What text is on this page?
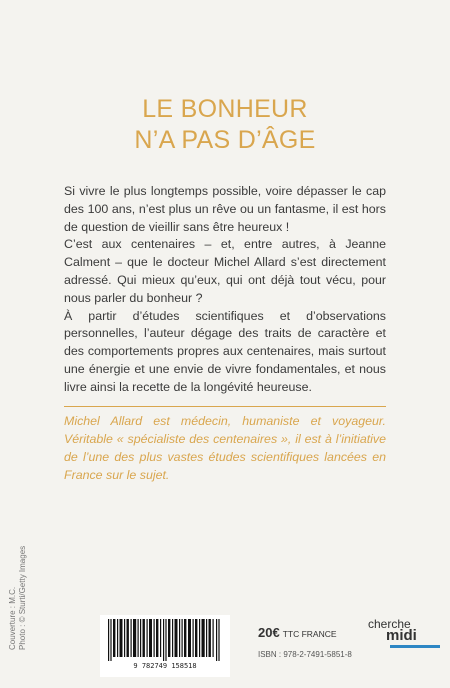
LE BONHEUR
N’A PAS D’ÂGE

Si vivre le plus longtemps possible, voire dépasser le cap des 100 ans, n’est plus un rêve ou un fantasme, il est hors de question de vieillir sans être heureux !

C’est aux centenaires – et, entre autres, à Jeanne Calment – que le docteur Michel Allard s’est directement adressé. Qui mieux qu’eux, qui ont déjà tout vécu, pour nous parler du bonheur ?

À partir d’études scientifiques et d’observations personnelles, l’auteur dégage des traits de caractère et des comportements propres aux centenaires, mais surtout une énergie et une envie de vivre fondamentales, et nous livre ainsi la recette de la longévité heureuse.

Michel Allard est médecin, humaniste et voyageur. Véritable « spécialiste des centenaires », il est à l’initiative de l’une des plus vastes études scientifiques lancées en France sur le sujet.

Couverture : M.C. Photo : © Sturti/Getty Images
9 782749 158518
20€ TTC FRANCE
ISBN : 978-2-7491-5851-8
cherche
midi
